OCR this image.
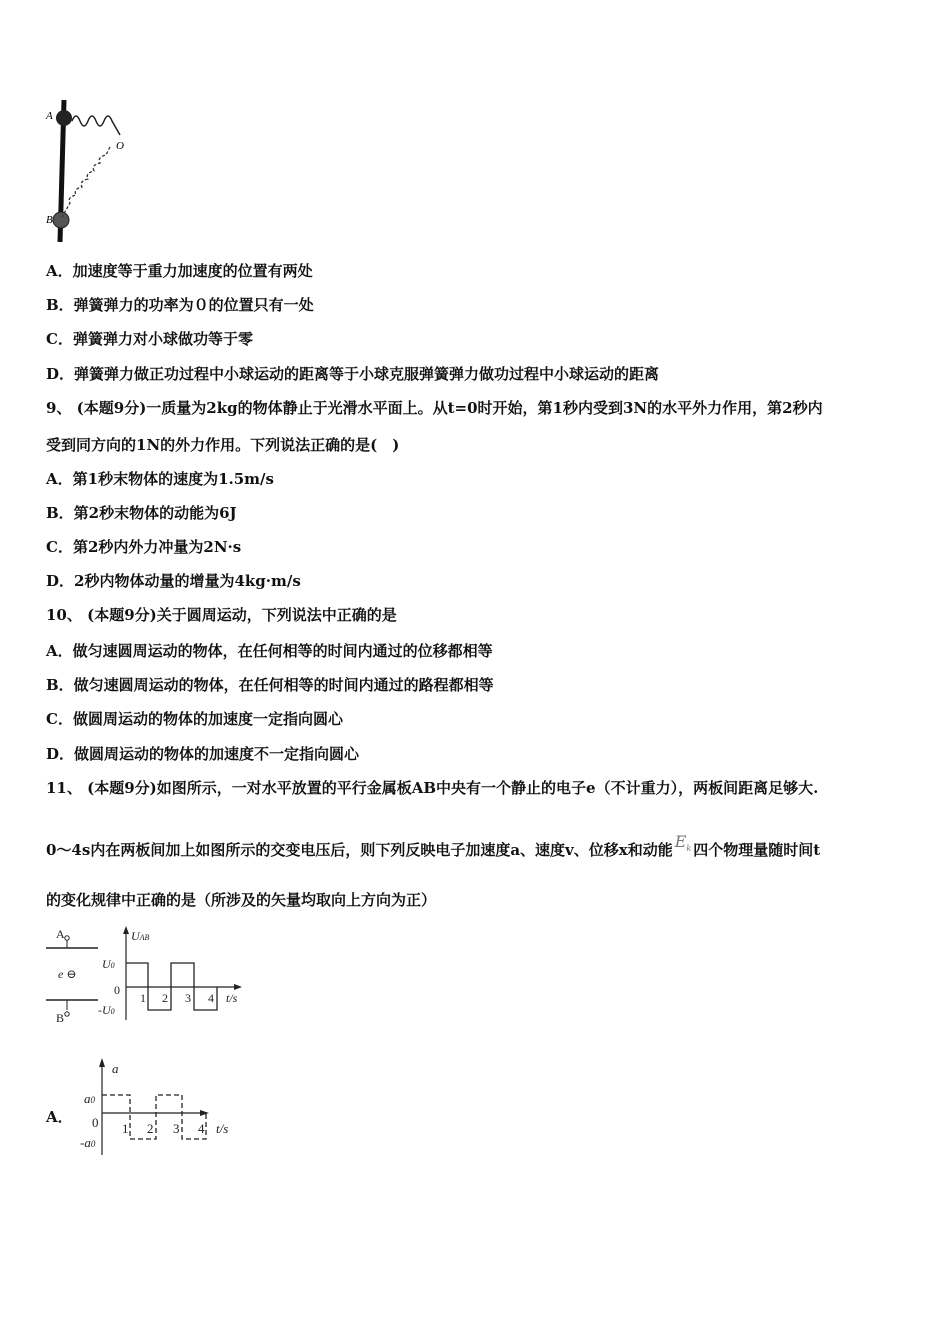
A
B
O
A．加速度等于重力加速度的位置有两处
B．弹簧弹力的功率为０的位置只有一处
C．弹簧弹力对小球做功等于零
D．弹簧弹力做正功过程中小球运动的距离等于小球克服弹簧弹力做功过程中小球运动的距离
9、 (本题9分)一质量为2kg的物体静止于光滑水平面上。从t=0时开始，第1秒内受到3N的水平外力作用，第2秒内
受到同方向的1N的外力作用。下列说法正确的是(　)
A．第1秒末物体的速度为1.5m/s
B．第2秒末物体的动能为6J
C．第2秒内外力冲量为2N·s
D．2秒内物体动量的增量为4kg·m/s
10、 (本题9分)关于圆周运动，下列说法中正确的是
A．做匀速圆周运动的物体，在任何相等的时间内通过的位移都相等
B．做匀速圆周运动的物体，在任何相等的时间内通过的路程都相等
C．做圆周运动的物体的加速度一定指向圆心
D．做圆周运动的物体的加速度不一定指向圆心
11、 (本题9分)如图所示，一对水平放置的平行金属板AB中央有一个静止的电子e（不计重力），两板间距离足够大.
0～4s内在两板间加上如图所示的交变电压后，则下列反映电子加速度a、速度v、位移x和动能 $E_k$ 四个物理量随时间t
的变化规律中正确的是（所涉及的矢量均取向上方向为正）
A
e ⊖
B
UAB
U0
0
-U0
1 2 3 4 t/s
A．
a
a0
0
-a0
1 2 3 4 t/s
